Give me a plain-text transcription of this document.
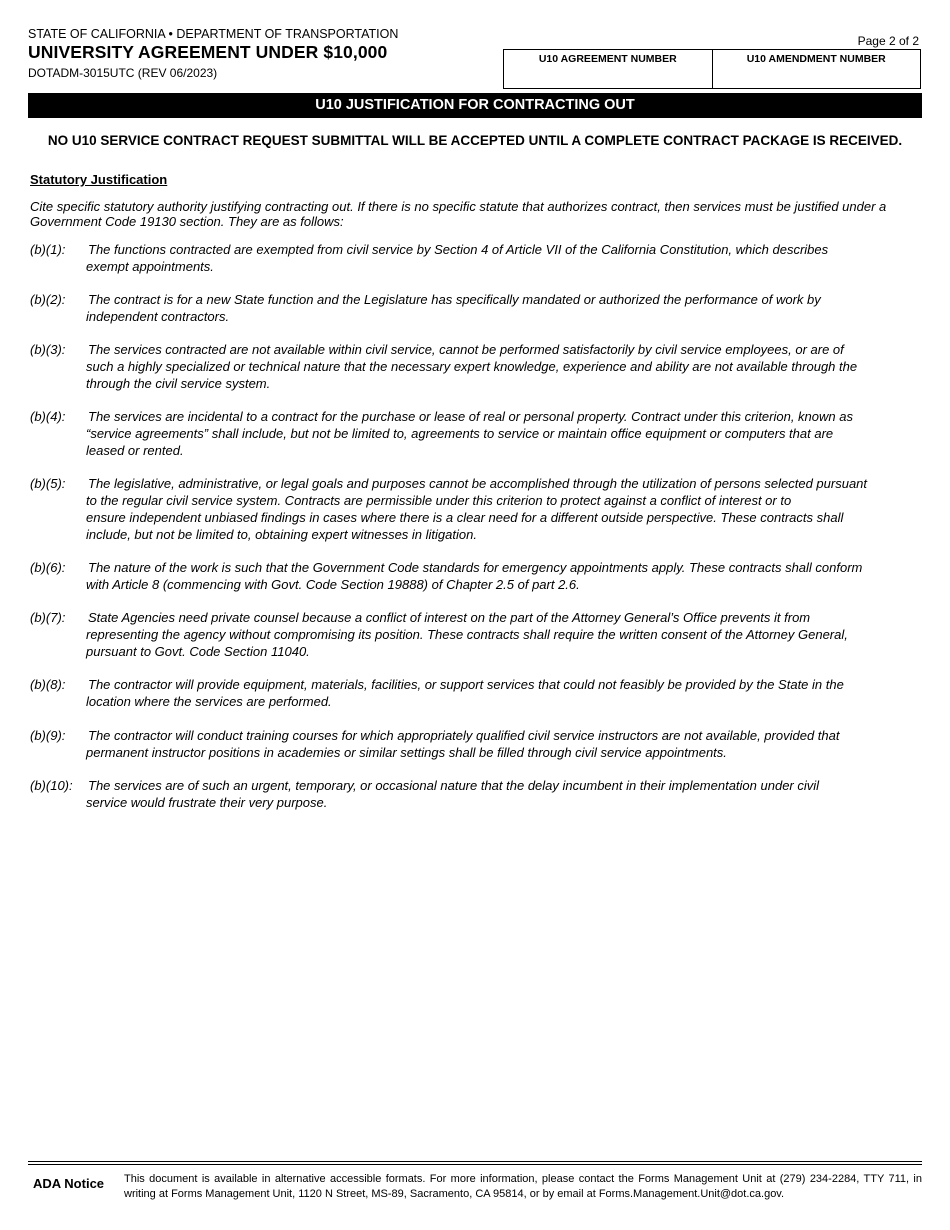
STATE OF CALIFORNIA • DEPARTMENT OF TRANSPORTATION
UNIVERSITY AGREEMENT UNDER $10,000
DOTADM-3015UTC (REV 06/2023)
Page 2 of 2
U10 AGREEMENT NUMBER	U10 AMENDMENT NUMBER
U10 JUSTIFICATION FOR CONTRACTING OUT
NO U10 SERVICE CONTRACT REQUEST SUBMITTAL WILL BE ACCEPTED UNTIL A COMPLETE CONTRACT PACKAGE IS RECEIVED.
Statutory Justification
Cite specific statutory authority justifying contracting out. If there is no specific statute that authorizes contract, then services must be justified under a Government Code 19130 section. They are as follows:
(b)(1): The functions contracted are exempted from civil service by Section 4 of Article VII of the California Constitution, which describes
exempt appointments.
(b)(2): The contract is for a new State function and the Legislature has specifically mandated or authorized the performance of work by
independent contractors.
(b)(3): The services contracted are not available within civil service, cannot be performed satisfactorily by civil service employees, or are of
such a highly specialized or technical nature that the necessary expert knowledge, experience and ability are not available through the
through the civil service system.
(b)(4): The services are incidental to a contract for the purchase or lease of real or personal property. Contract under this criterion, known as
“service agreements” shall include, but not be limited to, agreements to service or maintain office equipment or computers that are
leased or rented.
(b)(5): The legislative, administrative, or legal goals and purposes cannot be accomplished through the utilization of persons selected pursuant
to the regular civil service system. Contracts are permissible under this criterion to protect against a conflict of interest or to
ensure independent unbiased findings in cases where there is a clear need for a different outside perspective. These contracts shall
include, but not be limited to, obtaining expert witnesses in litigation.
(b)(6): The nature of the work is such that the Government Code standards for emergency appointments apply. These contracts shall conform
with Article 8 (commencing with Govt. Code Section 19888) of Chapter 2.5 of part 2.6.
(b)(7): State Agencies need private counsel because a conflict of interest on the part of the Attorney General’s Office prevents it from
representing the agency without compromising its position. These contracts shall require the written consent of the Attorney General,
pursuant to Govt. Code Section 11040.
(b)(8): The contractor will provide equipment, materials, facilities, or support services that could not feasibly be provided by the State in the
location where the services are performed.
(b)(9): The contractor will conduct training courses for which appropriately qualified civil service instructors are not available, provided that
permanent instructor positions in academies or similar settings shall be filled through civil service appointments.
(b)(10): The services are of such an urgent, temporary, or occasional nature that the delay incumbent in their implementation under civil
service would frustrate their very purpose.
ADA Notice This document is available in alternative accessible formats. For more information, please contact the Forms Management Unit at (279) 234-2284, TTY 711, in writing at Forms Management Unit, 1120 N Street, MS-89, Sacramento, CA 95814, or by email at Forms.Management.Unit@dot.ca.gov.
